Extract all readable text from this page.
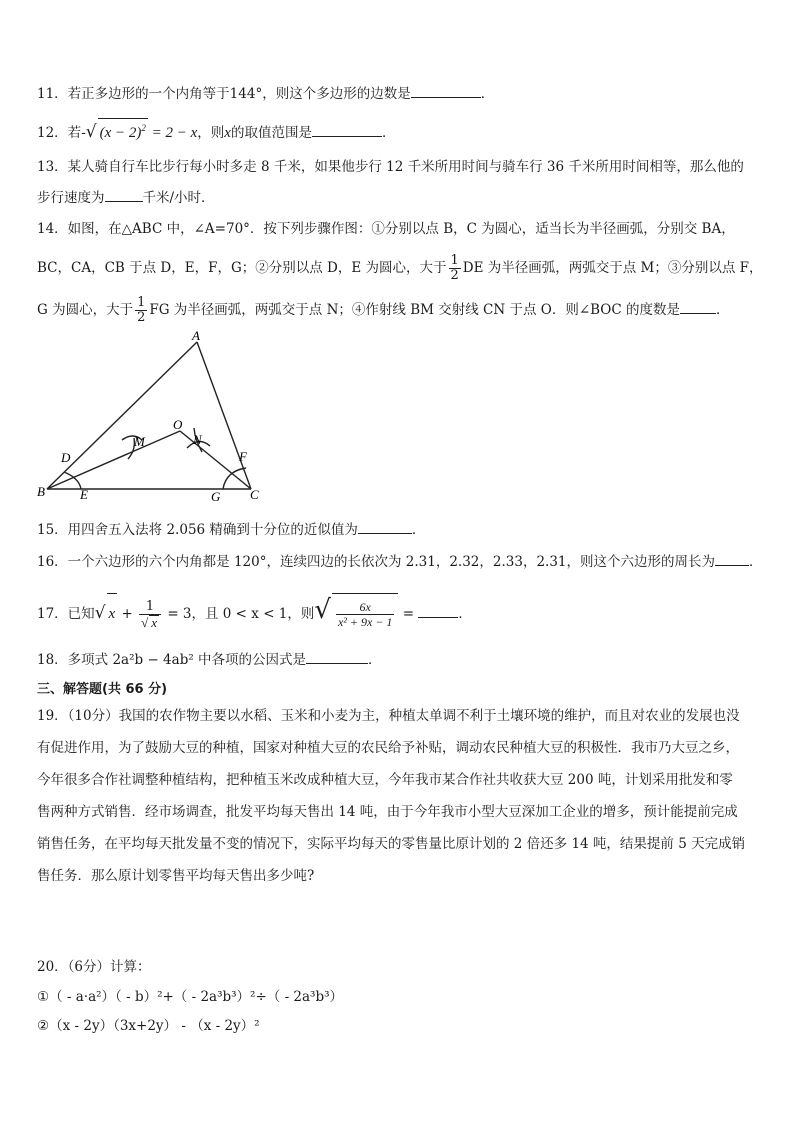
11．若正多边形的一个内角等于144°，则这个多边形的边数是	．
12．若-√ $(x - 2)^2 = 2 - x$，则x的取值范围是	．
13．某人骑自行车比步行每小时多走 8 千米，如果他步行 12 千米所用时间与骑车行 36 千米所用时间相等，那么他的
步行速度为	千米/小时．
14．如图，在△ABC 中，∠A=70°．按下列步骤作图：①分别以点 B，C 为圆心，适当长为半径画弧，分别交 BA，
BC，CA，CB 于点 D，E，F，G；②分别以点 D，E 为圆心，大于 $\frac{1}{2}$ DE 为半径画弧，两弧交于点 M；③分别以点 F，
G 为圆心，大于 $\frac{1}{2}$ FG 为半径画弧，两弧交于点 N；④作射线 BM 交射线 CN 于点 O．则∠BOC 的度数是	．
A
B	C
D
E
F
G
M	N
O
15．用四舍五入法将 2.056 精确到十分位的近似值为	．
16．一个六边形的六个内角都是 120°，连续四边的长依次为 2.31，2.32，2.33，2.31，则这个六边形的周长为	．
17．已知√ $x + \frac{1}{√ x} = 3$，且 0 < x < 1，则√ $\frac{6x}{\text{x² + 9x − 1}}$ =	．
18．多项式 2a²b − 4ab² 中各项的公因式是	．
三、解答题(共 66 分)
19．（10分）我国的农作物主要以水稻、玉米和小麦为主，种植太单调不利于土壤环境的维护，而且对农业的发展也没
有促进作用，为了鼓励大豆的种植，国家对种植大豆的农民给予补贴，调动农民种植大豆的积极性．我市乃大豆之乡，
今年很多合作社调整种植结构，把种植玉米改成种植大豆，今年我市某合作社共收获大豆 200 吨，计划采用批发和零
售两种方式销售．经市场调查，批发平均每天售出 14 吨，由于今年我市小型大豆深加工企业的增多，预计能提前完成
销售任务，在平均每天批发量不变的情况下，实际平均每天的零售量比原计划的 2 倍还多 14 吨，结果提前 5 天完成销
售任务．那么原计划零售平均每天售出多少吨?
20．（6分）计算：
①（ - a·a²）（ - b）²+（ - 2a³b³）²÷（ - 2a³b³）
②（x - 2y）（3x+2y） - （x - 2y）²
